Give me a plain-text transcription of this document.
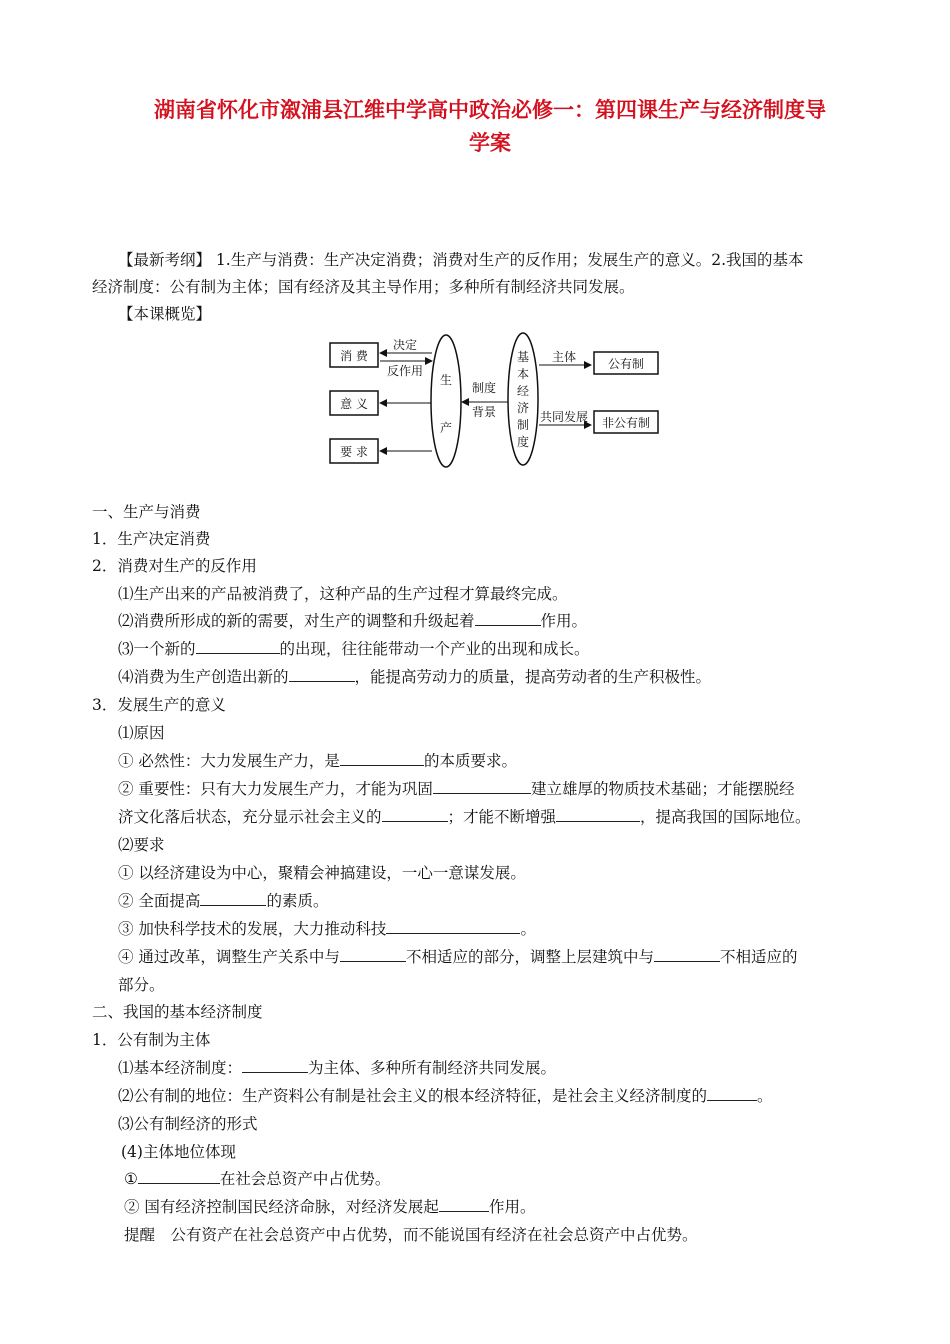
湖南省怀化市溆浦县江维中学高中政治必修一：第四课生产与经济制度导
学案
【最新考纲】 1.生产与消费：生产决定消费；消费对生产的反作用；发展生产的意义。2.我国的基本
经济制度：公有制为主体；国有经济及其主导作用；多种所有制经济共同发展。
【本课概览】
消 费
意 义
要 求
生
产
决定
反作用
制度
背景
基
本
经
济
制
度
主体
共同发展
公有制
非公有制
一、生产与消费
1．生产决定消费
2．消费对生产的反作用
⑴生产出来的产品被消费了，这种产品的生产过程才算最终完成。
⑵消费所形成的新的需要，对生产的调整和升级起着	作用。
⑶一个新的	的出现，往往能带动一个产业的出现和成长。
⑷消费为生产创造出新的	，能提高劳动力的质量，提高劳动者的生产积极性。
3．发展生产的意义
⑴原因
① 必然性：大力发展生产力，是	的本质要求。
② 重要性：只有大力发展生产力，才能为巩固	建立雄厚的物质技术基础；才能摆脱经
济文化落后状态，充分显示社会主义的	；才能不断增强	，提高我国的国际地位。
⑵要求
① 以经济建设为中心，聚精会神搞建设，一心一意谋发展。
② 全面提高	的素质。
③ 加快科学技术的发展，大力推动科技	。
④ 通过改革，调整生产关系中与	不相适应的部分，调整上层建筑中与	不相适应的
部分。
二、我国的基本经济制度
1．公有制为主体
⑴基本经济制度：	为主体、多种所有制经济共同发展。
⑵公有制的地位：生产资料公有制是社会主义的根本经济特征，是社会主义经济制度的	。
⑶公有制经济的形式
(4)主体地位体现
①	在社会总资产中占优势。
② 国有经济控制国民经济命脉，对经济发展起	作用。
提醒　公有资产在社会总资产中占优势，而不能说国有经济在社会总资产中占优势。
